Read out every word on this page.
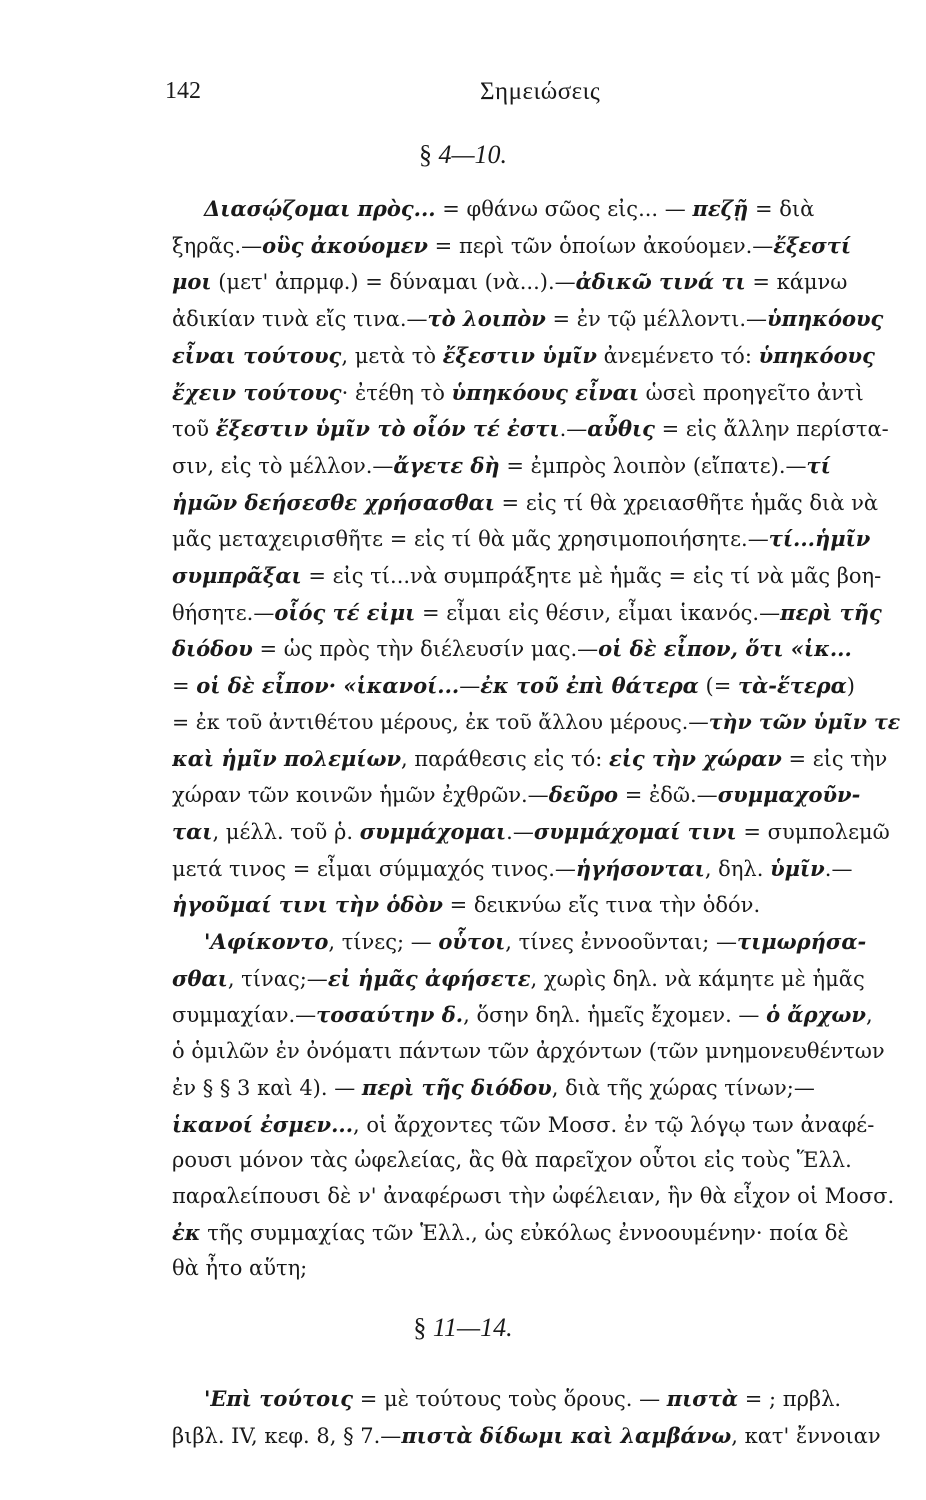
142	Σημειώσεις
§ 4—10.
Διασῴζομαι πρὸς... = φθάνω σῶος εἰς... — πεζῇ = διὰ
ξηρᾶς.—οὓς ἀκούομεν = περὶ τῶν ὁποίων ἀκούομεν.—ἔξεστί
μοι (μετ' ἀπρμφ.) = δύναμαι (νὰ...).—ἀδικῶ τινά τι = κάμνω
ἀδικίαν τινὰ εἴς τινα.—τὸ λοιπὸν = ἐν τῷ μέλλοντι.—ὑπηκόους
εἶναι τούτους, μετὰ τὸ ἔξεστιν ὑμῖν ἀνεμένετο τό: ὑπηκόους
ἔχειν τούτους· ἐτέθη τὸ ὑπηκόους εἶναι ὡσεὶ προηγεῖτο ἀντὶ
τοῦ ἔξεστιν ὑμῖν τὸ οἷόν τέ ἐστι.—αὖθις = εἰς ἄλλην περίστα-
σιν, εἰς τὸ μέλλον.—ἄγετε δὴ = ἐμπρὸς λοιπὸν (εἴπατε).—τί
ἡμῶν δεήσεσθε χρήσασθαι = εἰς τί θὰ χρειασθῆτε ἡμᾶς διὰ νὰ
μᾶς μεταχειρισθῆτε = εἰς τί θὰ μᾶς χρησιμοποιήσητε.—τί...ἡμῖν
συμπρᾶξαι = εἰς τί...νὰ συμπράξητε μὲ ἡμᾶς = εἰς τί νὰ μᾶς βοη-
θήσητε.—οἷός τέ εἰμι = εἶμαι εἰς θέσιν, εἶμαι ἱκανός.—περὶ τῆς
διόδου = ὡς πρὸς τὴν διέλευσίν μας.—οἱ δὲ εἶπον, ὅτι «ἱκ...
= οἱ δὲ εἶπον· «ἱκανοί...—ἐκ τοῦ ἐπὶ θάτερα (= τὰ-ἕτερα)
= ἐκ τοῦ ἀντιθέτου μέρους, ἐκ τοῦ ἄλλου μέρους.—τὴν τῶν ὑμῖν τε
καὶ ἡμῖν πολεμίων, παράθεσις εἰς τό: εἰς τὴν χώραν = εἰς τὴν
χώραν τῶν κοινῶν ἡμῶν ἐχθρῶν.—δεῦρο = ἐδῶ.—συμμαχοῦν-
ται, μέλλ. τοῦ ῥ. συμμάχομαι.—συμμάχομαί τινι = συμπολεμῶ
μετά τινος = εἶμαι σύμμαχός τινος.—ἡγήσονται, δηλ. ὑμῖν.—
ἡγοῦμαί τινι τὴν ὁδὸν = δεικνύω εἴς τινα τὴν ὁδόν.
'Αφίκοντο, τίνες; — οὗτοι, τίνες ἐννοοῦνται; —τιμωρήσα-
σθαι, τίνας;—εἰ ἡμᾶς ἀφήσετε, χωρὶς δηλ. νὰ κάμητε μὲ ἡμᾶς
συμμαχίαν.—τοσαύτην δ., ὅσην δηλ. ἡμεῖς ἔχομεν. — ὁ ἄρχων,
ὁ ὁμιλῶν ἐν ὀνόματι πάντων τῶν ἀρχόντων (τῶν μνημονευθέντων
ἐν § § 3 καὶ 4). — περὶ τῆς διόδου, διὰ τῆς χώρας τίνων;—
ἱκανοί ἐσμεν..., οἱ ἄρχοντες τῶν Μοσσ. ἐν τῷ λόγῳ των ἀναφέ-
ρουσι μόνον τὰς ὠφελείας, ἃς θὰ παρεῖχον οὗτοι εἰς τοὺς Ἕλλ.
παραλείπουσι δὲ ν' ἀναφέρωσι τὴν ὠφέλειαν, ἣν θὰ εἶχον οἱ Μοσσ.
ἐκ τῆς συμμαχίας τῶν Ἑλλ., ὡς εὐκόλως ἐννοουμένην· ποία δὲ
θὰ ἦτο αὕτη;
§ 11—14.
'Επὶ τούτοις = μὲ τούτους τοὺς ὅρους. — πιστὰ = ; πρβλ.
βιβλ. IV, κεφ. 8, § 7.—πιστὰ δίδωμι καὶ λαμβάνω, κατ' ἔννοιαν
